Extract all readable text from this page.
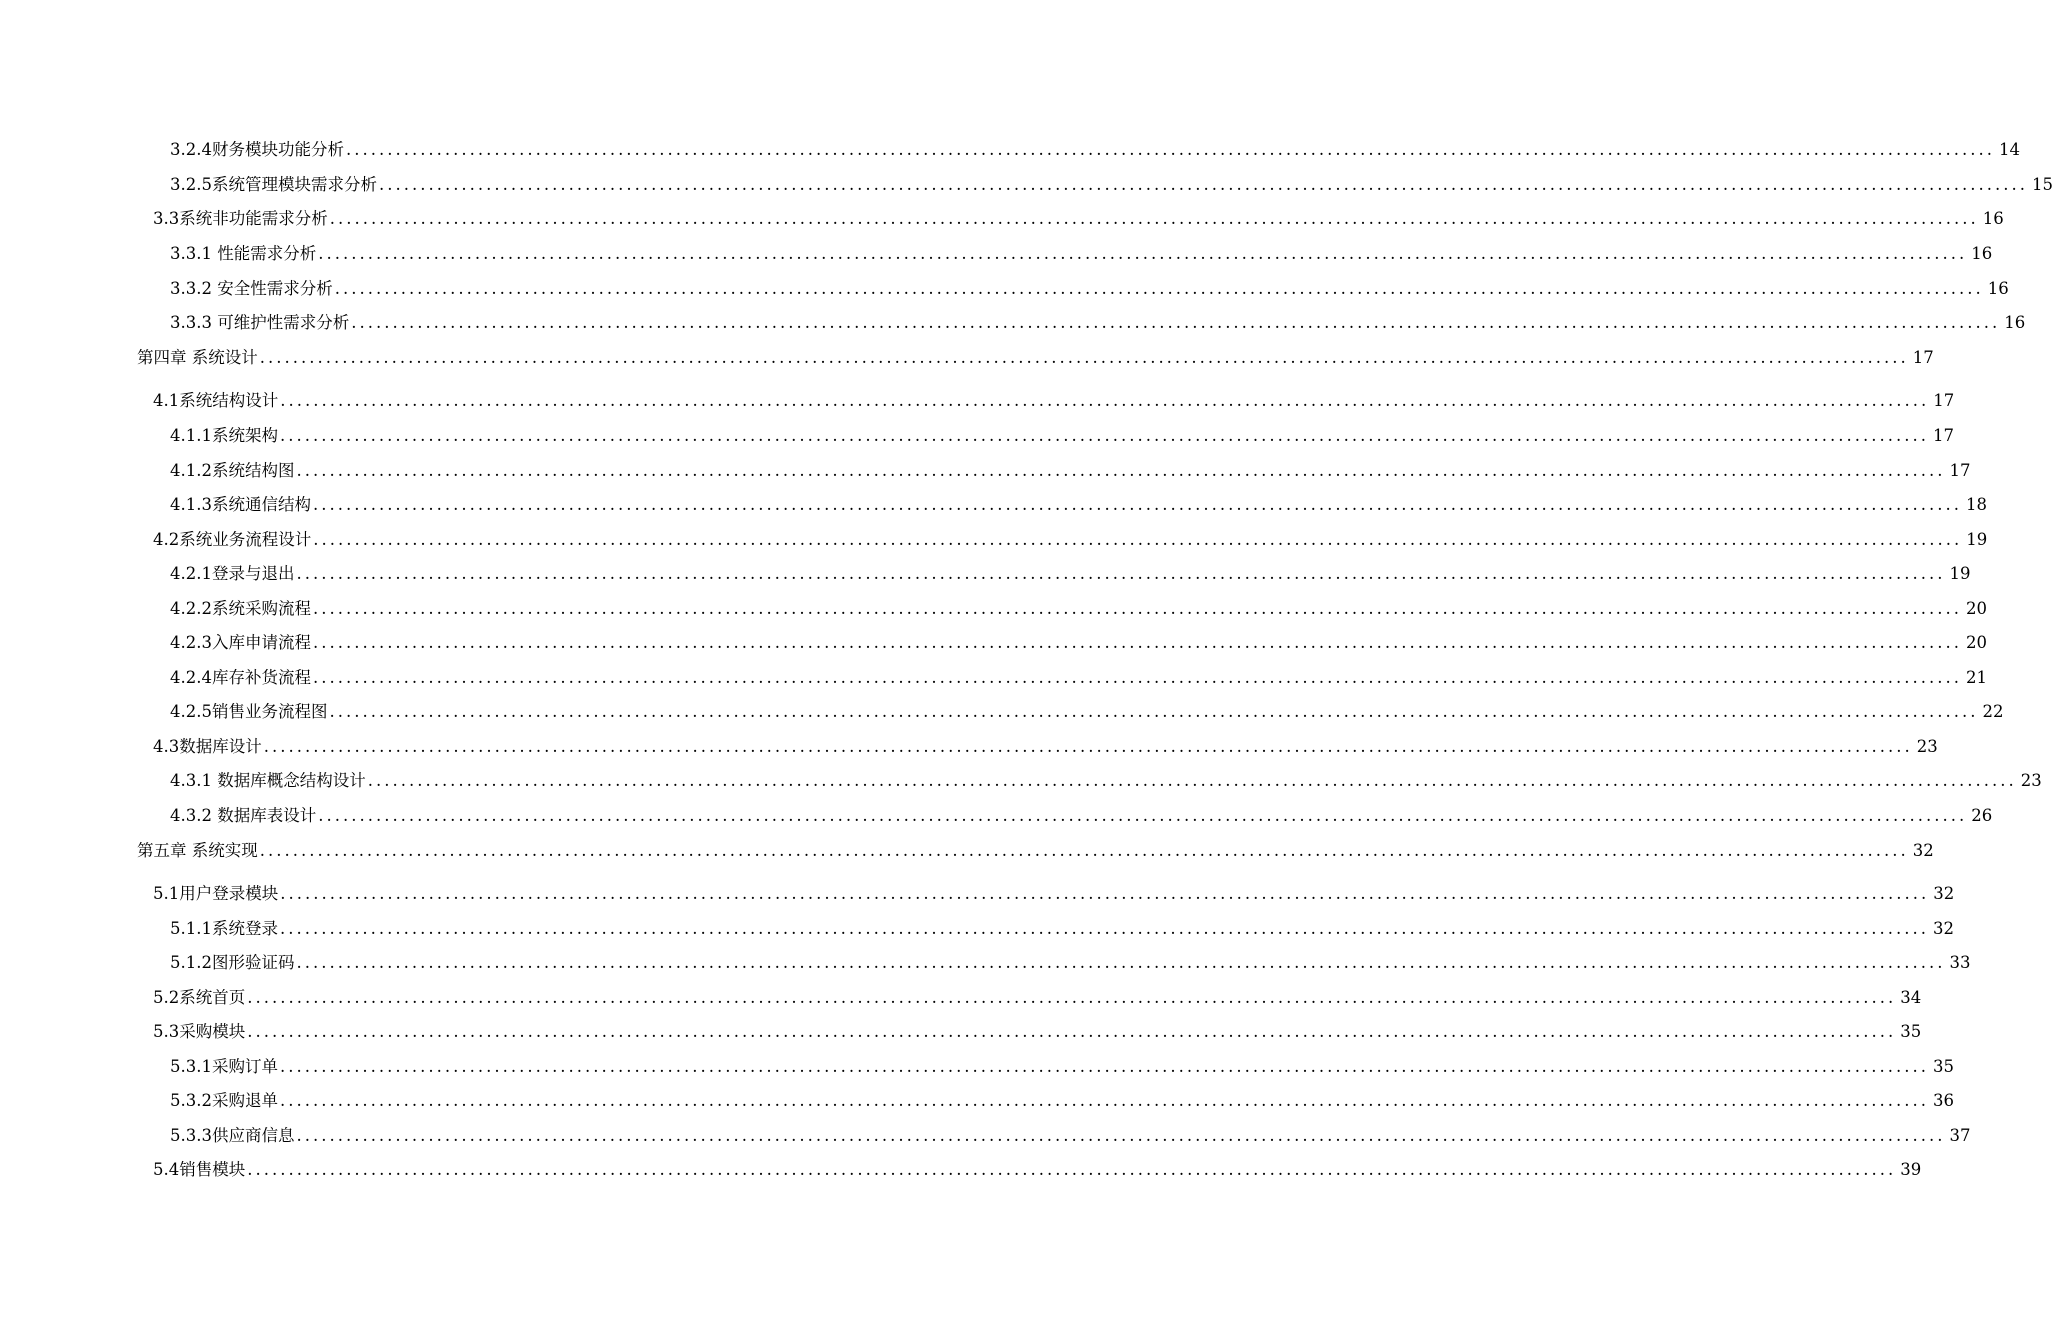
3.2.4财务模块功能分析 ........................................................................................................................................................................................................ 14
3.2.5系统管理模块需求分析 ........................................................................................................................................................................................................ 15
3.3系统非功能需求分析 ........................................................................................................................................................................................................ 16
3.3.1 性能需求分析 ........................................................................................................................................................................................................ 16
3.3.2 安全性需求分析 ........................................................................................................................................................................................................ 16
3.3.3 可维护性需求分析 ........................................................................................................................................................................................................ 16
第四章 系统设计 ........................................................................................................................................................................................................ 17
4.1系统结构设计 ........................................................................................................................................................................................................ 17
4.1.1系统架构 ........................................................................................................................................................................................................ 17
4.1.2系统结构图 ........................................................................................................................................................................................................ 17
4.1.3系统通信结构 ........................................................................................................................................................................................................ 18
4.2系统业务流程设计 ........................................................................................................................................................................................................ 19
4.2.1登录与退出 ........................................................................................................................................................................................................ 19
4.2.2系统采购流程 ........................................................................................................................................................................................................ 20
4.2.3入库申请流程 ........................................................................................................................................................................................................ 20
4.2.4库存补货流程 ........................................................................................................................................................................................................ 21
4.2.5销售业务流程图 ........................................................................................................................................................................................................ 22
4.3数据库设计 ........................................................................................................................................................................................................ 23
4.3.1 数据库概念结构设计 ........................................................................................................................................................................................................ 23
4.3.2 数据库表设计 ........................................................................................................................................................................................................ 26
第五章 系统实现 ........................................................................................................................................................................................................ 32
5.1用户登录模块 ........................................................................................................................................................................................................ 32
5.1.1系统登录 ........................................................................................................................................................................................................ 32
5.1.2图形验证码 ........................................................................................................................................................................................................ 33
5.2系统首页 ........................................................................................................................................................................................................ 34
5.3采购模块 ........................................................................................................................................................................................................ 35
5.3.1采购订单 ........................................................................................................................................................................................................ 35
5.3.2采购退单 ........................................................................................................................................................................................................ 36
5.3.3供应商信息 ........................................................................................................................................................................................................ 37
5.4销售模块 ........................................................................................................................................................................................................ 39
